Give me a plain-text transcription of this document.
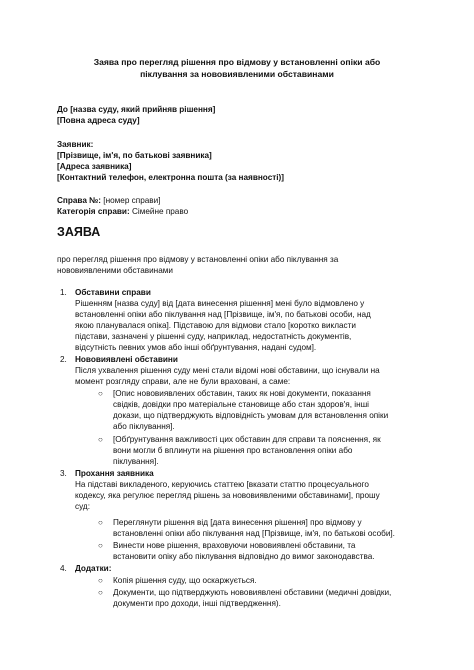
Заява про перегляд рішення про відмову у встановленні опіки або

піклування за нововиявленими обставинами

До [назва суду, який прийняв рішення]

[Повна адреса суду]

Заявник:

[Прізвище, ім'я, по батькові заявника]

[Адреса заявника]

[Контактний телефон, електронна пошта (за наявності)]

Справа №: [номер справи]

Категорія справи: Сімейне право

ЗАЯВА

про перегляд рішення про відмову у встановленні опіки або піклування за

нововиявленими обставинами

1. Обставини справи

Рішенням [назва суду] від [дата винесення рішення] мені було відмовлено у

встановленні опіки або піклування над [Прізвище, ім'я, по батькові особи, над

якою планувалася опіка]. Підставою для відмови стало [коротко викласти

підстави, зазначені у рішенні суду, наприклад, недостатність документів,

відсутність певних умов або інші обґрунтування, надані судом].

2. Нововиявлені обставини

Після ухвалення рішення суду мені стали відомі нові обставини, що існували на

момент розгляду справи, але не були враховані, а саме:

○ [Опис нововиявлених обставин, таких як нові документи, показання

свідків, довідки про матеріальне становище або стан здоров'я, інші

докази, що підтверджують відповідність умовам для встановлення опіки

або піклування].

○ [Обґрунтування важливості цих обставин для справи та пояснення, як

вони могли б вплинути на рішення про встановлення опіки або

піклування].

3. Прохання заявника

На підставі викладеного, керуючись статтею [вказати статтю процесуального

кодексу, яка регулює перегляд рішень за нововиявленими обставинами], прошу

суд:

○ Переглянути рішення від [дата винесення рішення] про відмову у

встановленні опіки або піклування над [Прізвище, ім'я, по батькові особи].

○ Винести нове рішення, враховуючи нововиявлені обставини, та

встановити опіку або піклування відповідно до вимог законодавства.

4. Додатки:

○ Копія рішення суду, що оскаржується.

○ Документи, що підтверджують нововиявлені обставини (медичні довідки,

документи про доходи, інші підтвердження).
